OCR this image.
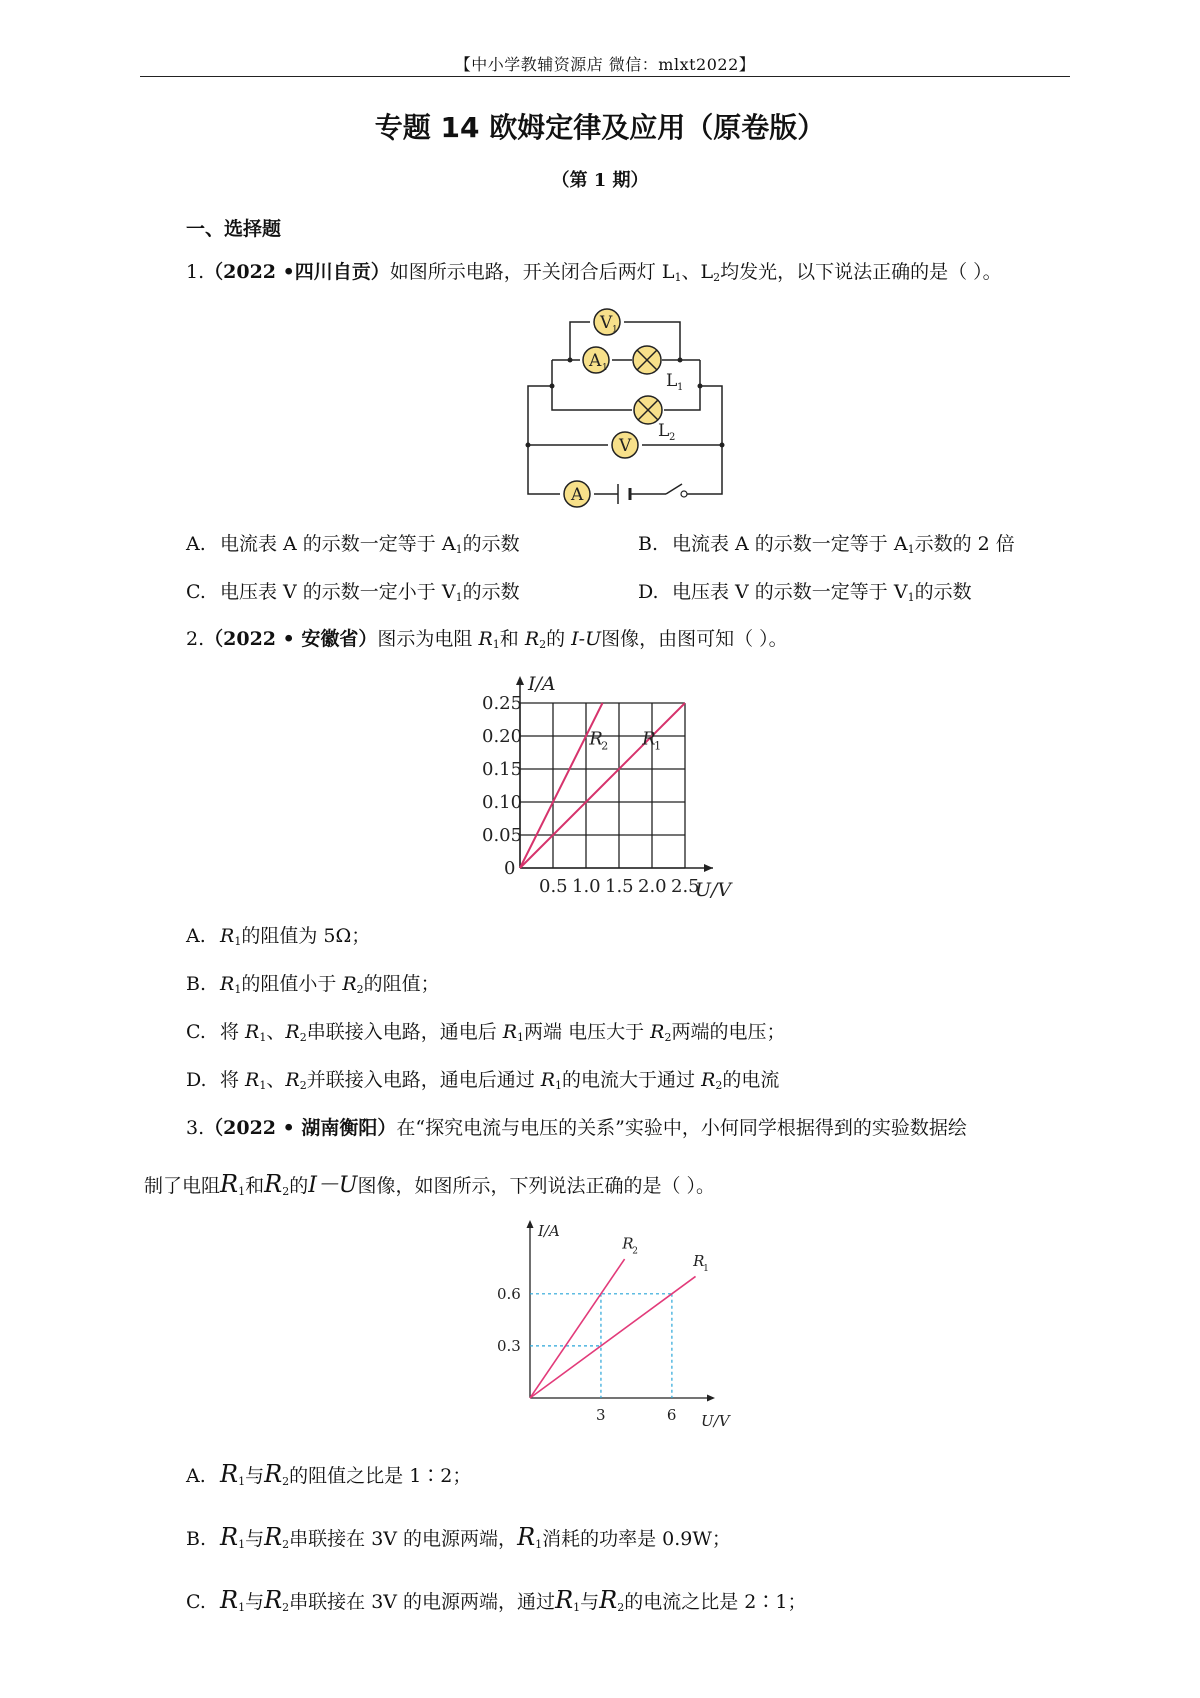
【中小学教辅资源店 微信：mlxt2022】
专题 14 欧姆定律及应用（原卷版）
（第 1 期）
一、选择题
1.（2022 •四川自贡）如图所示电路，开关闭合后两灯 $L_1$、$L_2$均发光，以下说法正确的是（ ）。
V 1
A 1
L 1
L 2
V
A
A. 电流表 A 的示数一定等于 $A_1$的示数	B. 电流表 A 的示数一定等于 $A_1$示数的 2 倍
C. 电压表 V 的示数一定小于 $V_1$的示数	D. 电压表 V 的示数一定等于 $V_1$的示数
2.（2022 • 安徽省）图示为电阻 $R_1$和 $R_2$的 I-U图像，由图可知（ ）。
0.5 1.0 1.5 2.0 2.5
0.05
0.10
0.15
0.20
0.25
0
U/V
I/A
R
2 R
1
A. $R_1$的阻值为 5Ω；
B. $R_1$的阻值小于 $R_2$的阻值；
C. 将 $R_1$、$R_2$串联接入电路，通电后 $R_1$两端 电压大于 $R_2$两端的电压；
D. 将 $R_1$、$R_2$并联接入电路，通电后通过 $R_1$的电流大于通过 $R_2$的电流
3.（2022 • 湖南衡阳）在“探究电流与电压的关系”实验中，小何同学根据得到的实验数据绘
制了电阻$R_1$和$R_2$的I－U图像，如图所示，下列说法正确的是（ ）。
3	6
0.3
0.6
U/V
I/A
R
2
R
1
A. $R_1$与$R_2$的阻值之比是 1∶2；
B. $R_1$与$R_2$串联接在 3V 的电源两端，$R_1$消耗的功率是 0.9W；
C. $R_1$与$R_2$串联接在 3V 的电源两端，通过$R_1$与$R_2$的电流之比是 2∶1；
